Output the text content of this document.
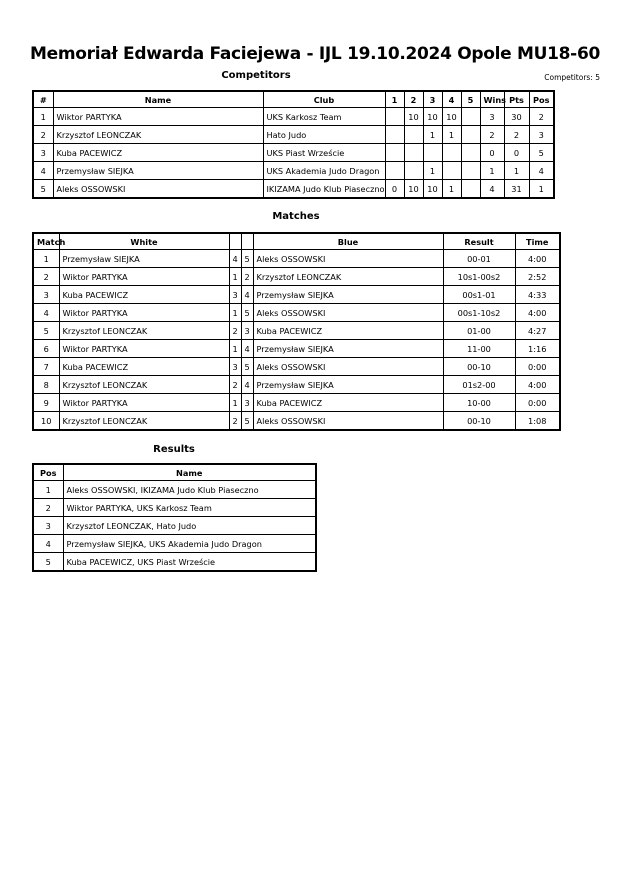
Memoriał Edwarda Faciejewa - IJL 19.10.2024 Opole MU18-60
Competitors	Competitors: 5
#	Name	Club	1	2	3	4	5	Wins	Pts	Pos
1	Wiktor PARTYKA	UKS Karkosz Team		10	10	10		3	30	2
2	Krzysztof LEONCZAK	Hato Judo			1	1		2	2	3
3	Kuba PACEWICZ	UKS Piast Wrzeście						0	0	5
4	Przemysław SIEJKA	UKS Akademia Judo Dragon			1			1	1	4
5	Aleks OSSOWSKI	IKIZAMA Judo Klub Piaseczno	0	10	10	1		4	31	1
Matches
Match	White			Blue	Result	Time
1	Przemysław SIEJKA	4	5	Aleks OSSOWSKI	00-01	4:00
2	Wiktor PARTYKA	1	2	Krzysztof LEONCZAK	10s1-00s2	2:52
3	Kuba PACEWICZ	3	4	Przemysław SIEJKA	00s1-01	4:33
4	Wiktor PARTYKA	1	5	Aleks OSSOWSKI	00s1-10s2	4:00
5	Krzysztof LEONCZAK	2	3	Kuba PACEWICZ	01-00	4:27
6	Wiktor PARTYKA	1	4	Przemysław SIEJKA	11-00	1:16
7	Kuba PACEWICZ	3	5	Aleks OSSOWSKI	00-10	0:00
8	Krzysztof LEONCZAK	2	4	Przemysław SIEJKA	01s2-00	4:00
9	Wiktor PARTYKA	1	3	Kuba PACEWICZ	10-00	0:00
10	Krzysztof LEONCZAK	2	5	Aleks OSSOWSKI	00-10	1:08
Results
Pos	Name
1	Aleks OSSOWSKI, IKIZAMA Judo Klub Piaseczno
2	Wiktor PARTYKA, UKS Karkosz Team
3	Krzysztof LEONCZAK, Hato Judo
4	Przemysław SIEJKA, UKS Akademia Judo Dragon
5	Kuba PACEWICZ, UKS Piast Wrzeście
